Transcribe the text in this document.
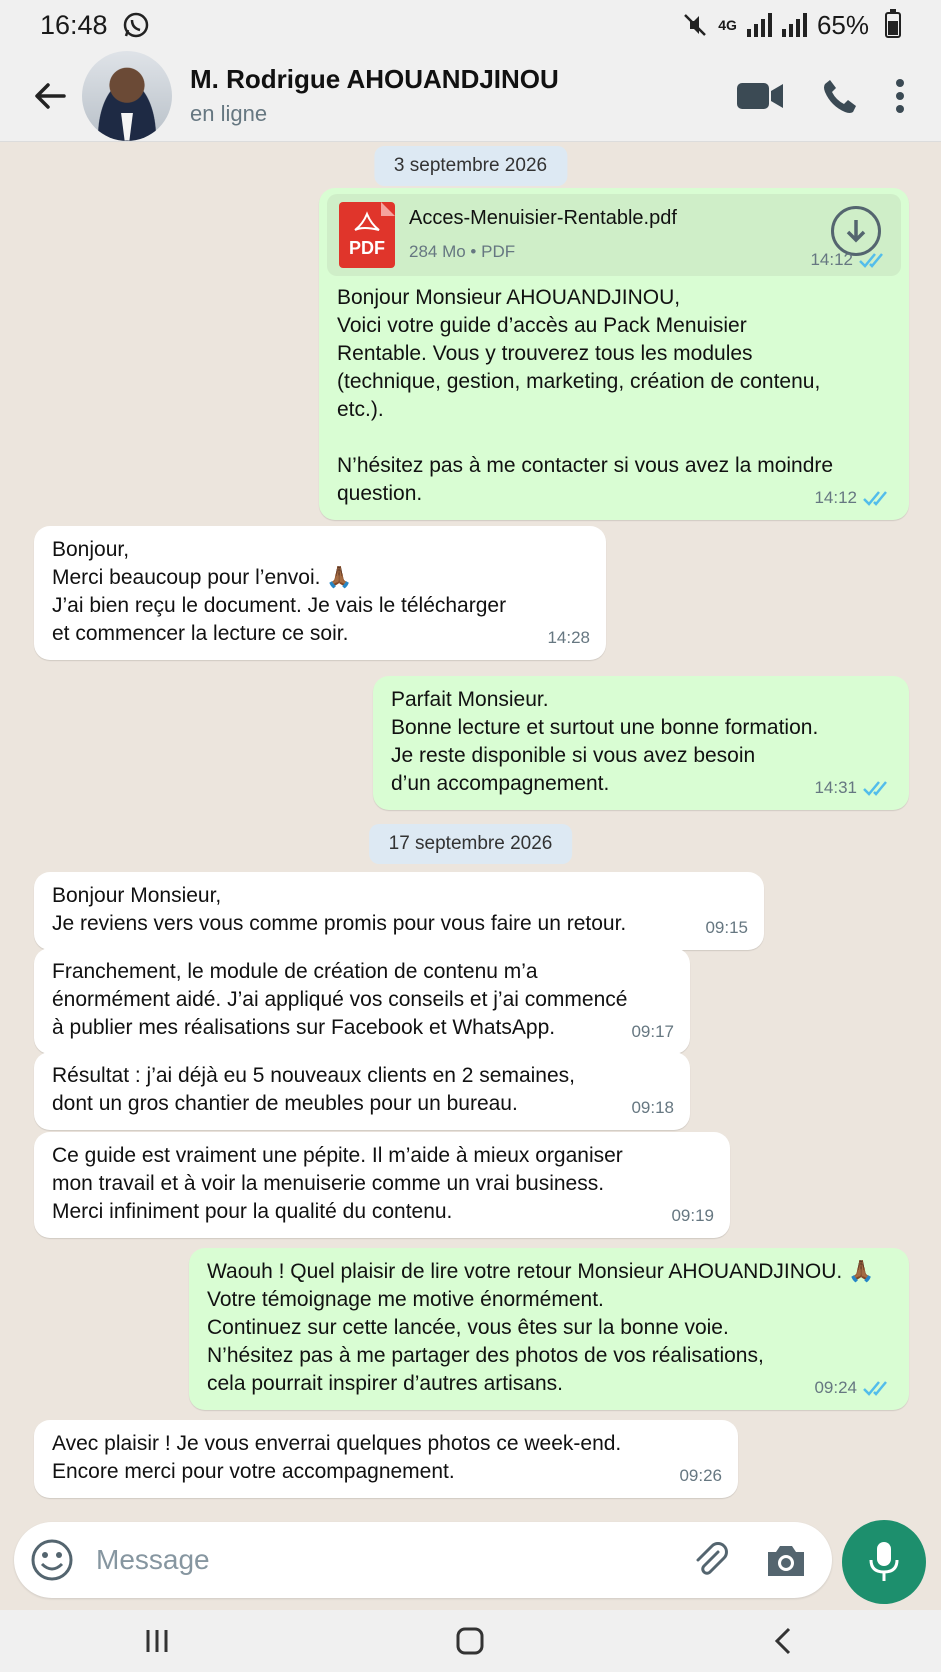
16:48	4G	65%
M. Rodrigue AHOUANDJINOU
en ligne
3 septembre 2026
PDF
Acces-Menuisier-Rentable.pdf
284 Mo • PDF	14:12
Bonjour Monsieur AHOUANDJINOU,
Voici votre guide d’accès au Pack Menuisier
Rentable. Vous y trouverez tous les modules
(technique, gestion, marketing, création de contenu,
etc.).

N’hésitez pas à me contacter si vous avez la moindre
question.	14:12
Bonjour,
Merci beaucoup pour l’envoi. 🙏🏾
J’ai bien reçu le document. Je vais le télécharger
et commencer la lecture ce soir.	14:28
Parfait Monsieur.
Bonne lecture et surtout une bonne formation.
Je reste disponible si vous avez besoin
d’un accompagnement.	14:31
17 septembre 2026
Bonjour Monsieur,
Je reviens vers vous comme promis pour vous faire un retour.	09:15
Franchement, le module de création de contenu m’a
énormément aidé. J’ai appliqué vos conseils et j’ai commencé
à publier mes réalisations sur Facebook et WhatsApp.	09:17
Résultat : j’ai déjà eu 5 nouveaux clients en 2 semaines,
dont un gros chantier de meubles pour un bureau.	09:18
Ce guide est vraiment une pépite. Il m’aide à mieux organiser
mon travail et à voir la menuiserie comme un vrai business.
Merci infiniment pour la qualité du contenu.	09:19
Waouh ! Quel plaisir de lire votre retour Monsieur AHOUANDJINOU. 🙏🏾
Votre témoignage me motive énormément.
Continuez sur cette lancée, vous êtes sur la bonne voie.
N’hésitez pas à me partager des photos de vos réalisations,
cela pourrait inspirer d’autres artisans.	09:24
Avec plaisir ! Je vous enverrai quelques photos ce week-end.
Encore merci pour votre accompagnement.	09:26
Message
